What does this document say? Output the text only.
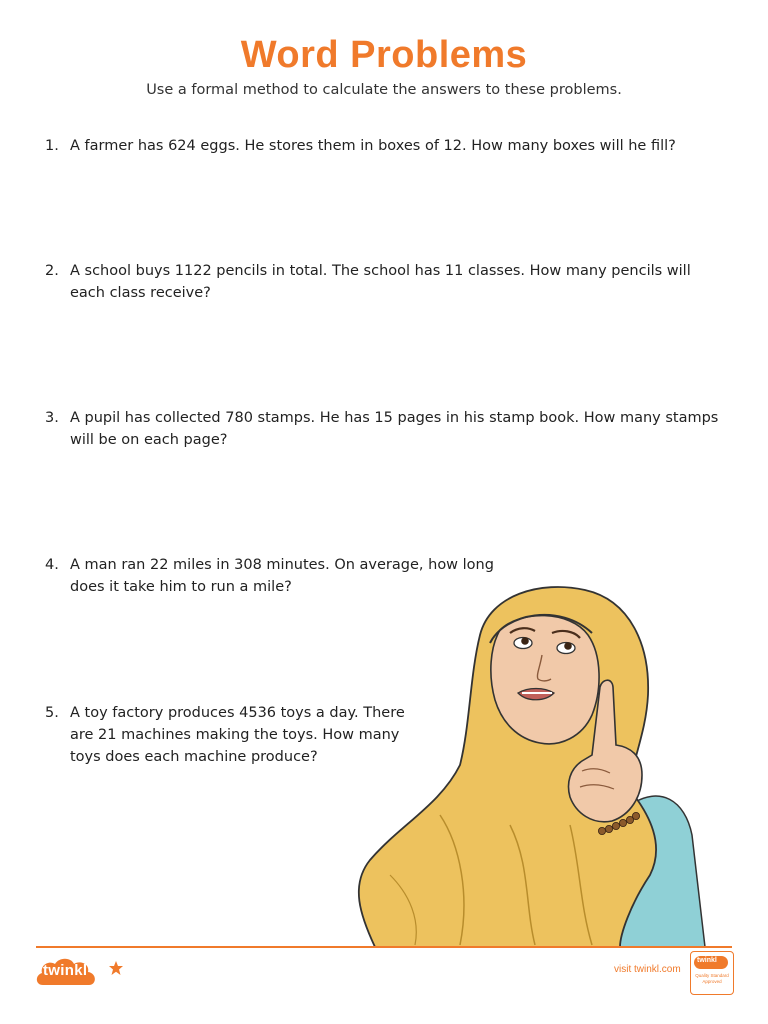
Word Problems
Use a formal method to calculate the answers to these problems.
1. A farmer has 624 eggs. He stores them in boxes of 12. How many boxes will he fill?
2. A school buys 1122 pencils in total. The school has 11 classes. How many pencils will each class receive?
3. A pupil has collected 780 stamps. He has 15 pages in his stamp book. How many stamps will be on each page?
4. A man ran 22 miles in 308 minutes. On average, how long does it take him to run a mile?
5. A toy factory produces 4536 toys a day. There are 21 machines making the toys. How many toys does each machine produce?
twinkl	visit twinkl.com
twinkl
Quality Standard Approved
